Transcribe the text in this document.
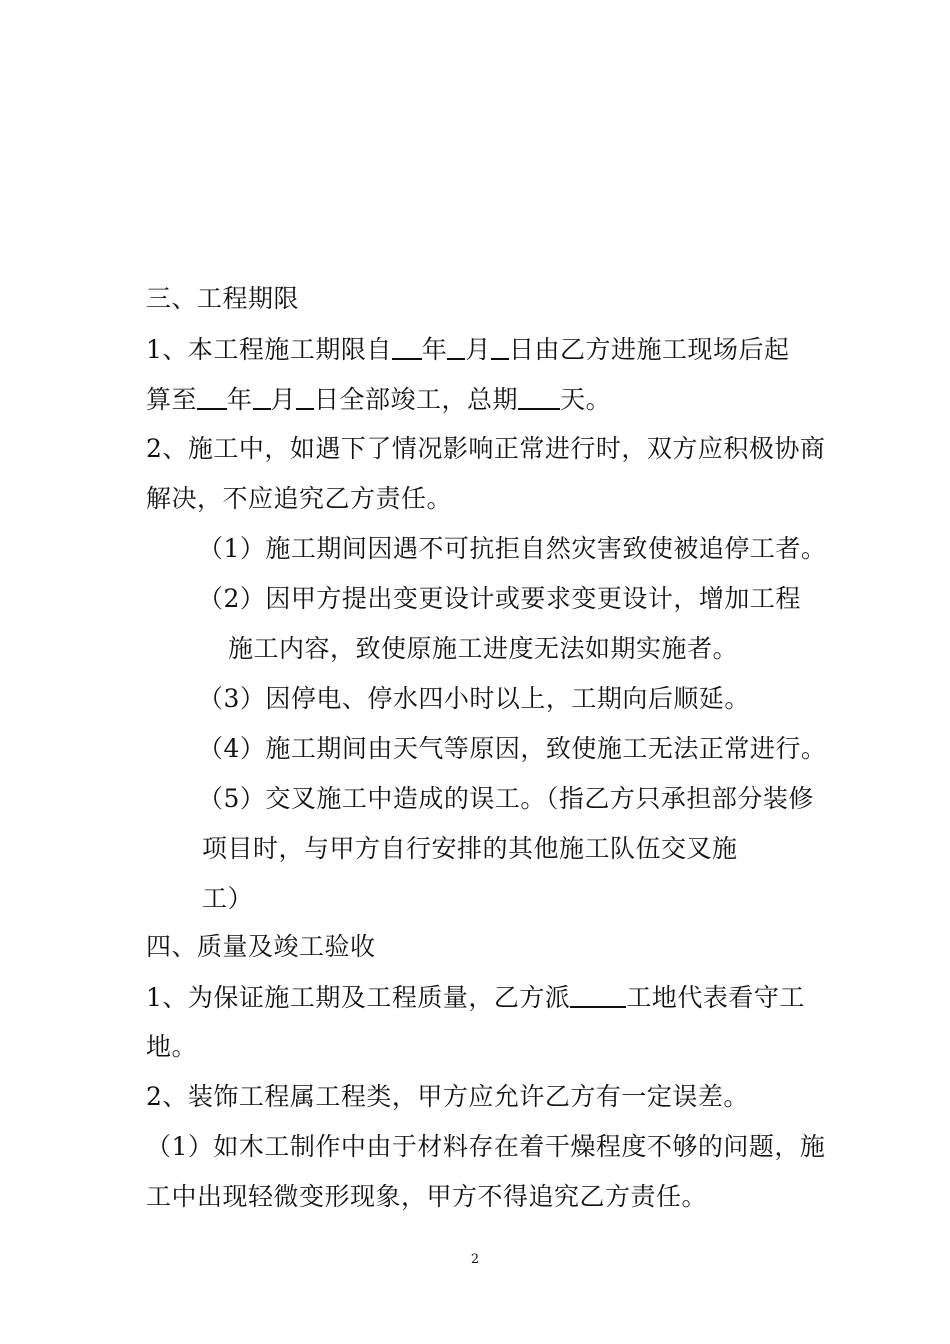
三、工程期限
1、本工程施工期限自 年 月 日由乙方进施工现场后起
算至 年 月 日全部竣工，总期 天。
2、施工中，如遇下了情况影响正常进行时，双方应积极协商
解决，不应追究乙方责任。
（1）施工期间因遇不可抗拒自然灾害致使被追停工者。
（2）因甲方提出变更设计或要求变更设计，增加工程
施工内容，致使原施工进度无法如期实施者。
（3）因停电、停水四小时以上，工期向后顺延。
（4）施工期间由天气等原因，致使施工无法正常进行。
（5）交叉施工中造成的误工。（指乙方只承担部分装修
项目时，与甲方自行安排的其他施工队伍交叉施
工）
四、质量及竣工验收
1、为保证施工期及工程质量，乙方派 工地代表看守工
地。
2、装饰工程属工程类，甲方应允许乙方有一定误差。
（1）如木工制作中由于材料存在着干燥程度不够的问题，施
工中出现轻微变形现象，甲方不得追究乙方责任。
2
